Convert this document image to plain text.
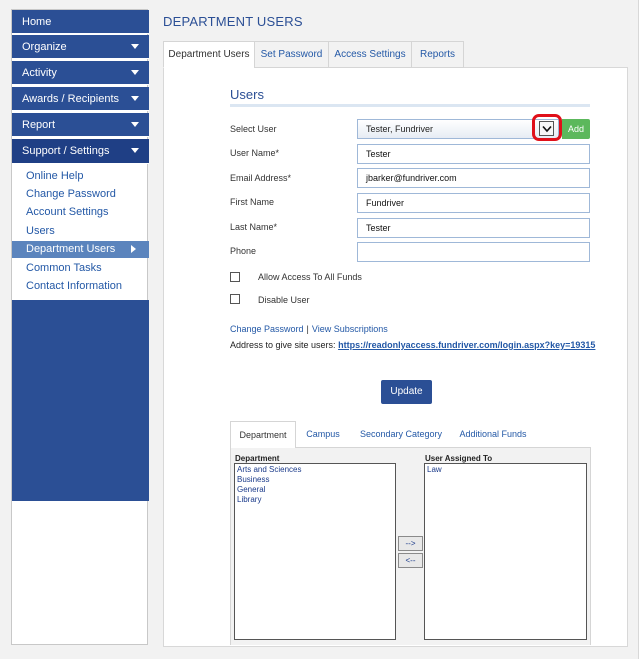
Home
Organize
Activity
Awards / Recipients
Report
Support / Settings
Online Help
Change Password
Account Settings
Users
Department Users
Common Tasks
Contact Information
DEPARTMENT USERS
Department Users	Set Password	Access Settings	Reports
Users
Select User	Tester, Fundriver	Add
User Name*	Tester
Email Address*	jbarker@fundriver.com
First Name	Fundriver
Last Name*	Tester
Phone
Allow Access To All Funds
Disable User
Change Password | View Subscriptions
Address to give site users: https://readonlyaccess.fundriver.com/login.aspx?key=19315
Update
Department	Campus	Secondary Category	Additional Funds
Department
Arts and Sciences
Business
General
Library
-->
<--
User Assigned To
Law
